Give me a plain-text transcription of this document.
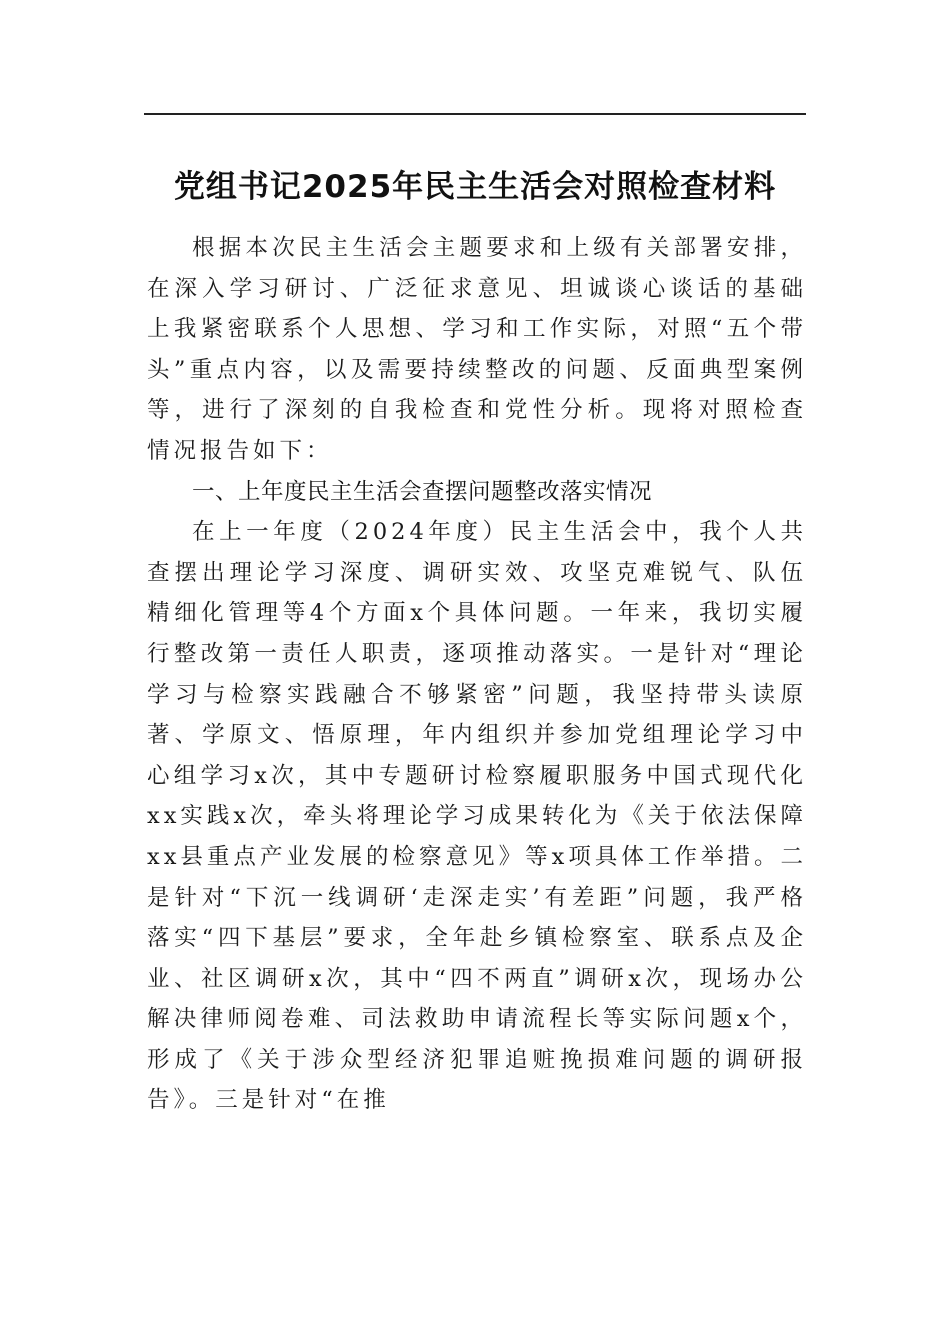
党组书记2025年民主生活会对照检查材料

根据本次民主生活会主题要求和上级有关部署安排，在深入学习研讨、广泛征求意见、坦诚谈心谈话的基础上我紧密联系个人思想、学习和工作实际，对照“五个带头”重点内容，以及需要持续整改的问题、反面典型案例等，进行了深刻的自我检查和党性分析。现将对照检查情况报告如下：

一、上年度民主生活会查摆问题整改落实情况

在上一年度（2024年度）民主生活会中，我个人共查摆出理论学习深度、调研实效、攻坚克难锐气、队伍精细化管理等4个方面x个具体问题。一年来，我切实履行整改第一责任人职责，逐项推动落实。一是针对“理论学习与检察实践融合不够紧密”问题，我坚持带头读原著、学原文、悟原理，年内组织并参加党组理论学习中心组学习x次，其中专题研讨检察履职服务中国式现代化xx实践x次，牵头将理论学习成果转化为《关于依法保障xx县重点产业发展的检察意见》等x项具体工作举措。二是针对“下沉一线调研‘走深走实’有差距”问题，我严格落实“四下基层”要求，全年赴乡镇检察室、联系点及企业、社区调研x次，其中“四不两直”调研x次，现场办公解决律师阅卷难、司法救助申请流程长等实际问题x个，形成了《关于涉众型经济犯罪追赃挽损难问题的调研报告》。三是针对“在推
